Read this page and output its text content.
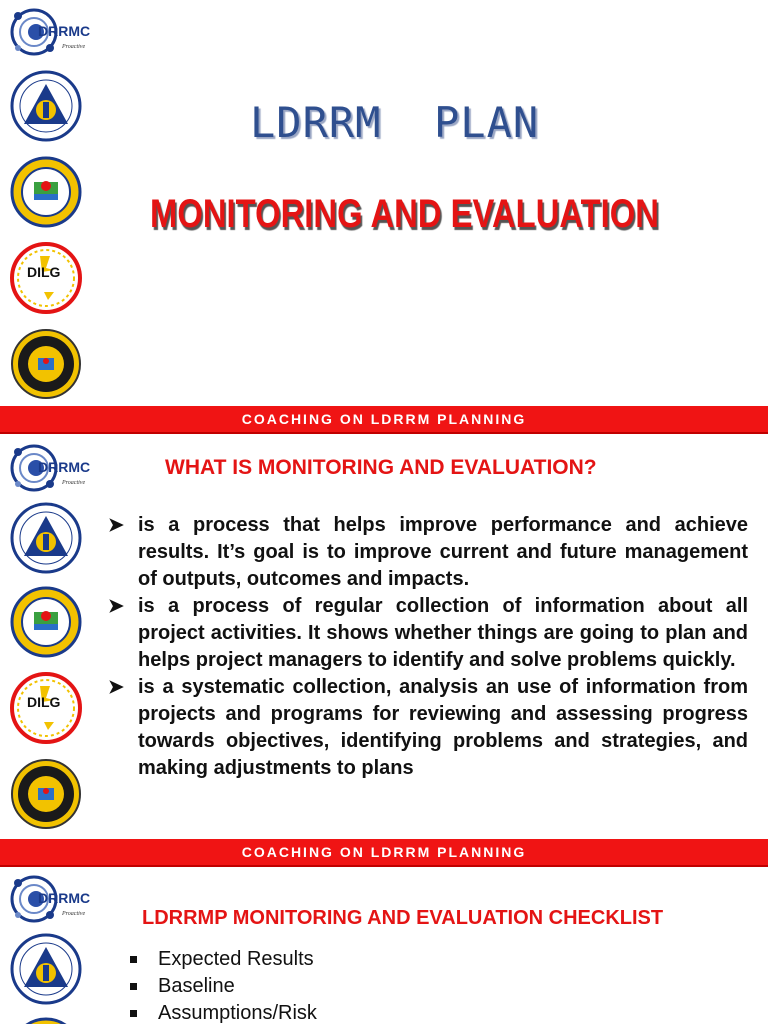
DRRMC
Proactive
DILG
LDRRM  PLAN
MONITORING AND EVALUATION
COACHING ON LDRRM PLANNING
DRRMC
Proactive
DILG
WHAT IS MONITORING AND EVALUATION?
➤ is a process that helps improve performance and achieve results. It’s goal is to improve current and future management of outputs, outcomes and impacts.
➤ is a process of regular collection of information about all project activities. It shows whether things are going to plan and helps project managers to identify and solve problems quickly.
➤ is a systematic collection, analysis an use of information from projects and programs for reviewing and assessing progress towards objectives, identifying problems and strategies, and making adjustments to plans
COACHING ON LDRRM PLANNING
DRRMC
Proactive	LDRRMP MONITORING AND EVALUATION CHECKLIST
Expected Results
Baseline
Assumptions/Risk
